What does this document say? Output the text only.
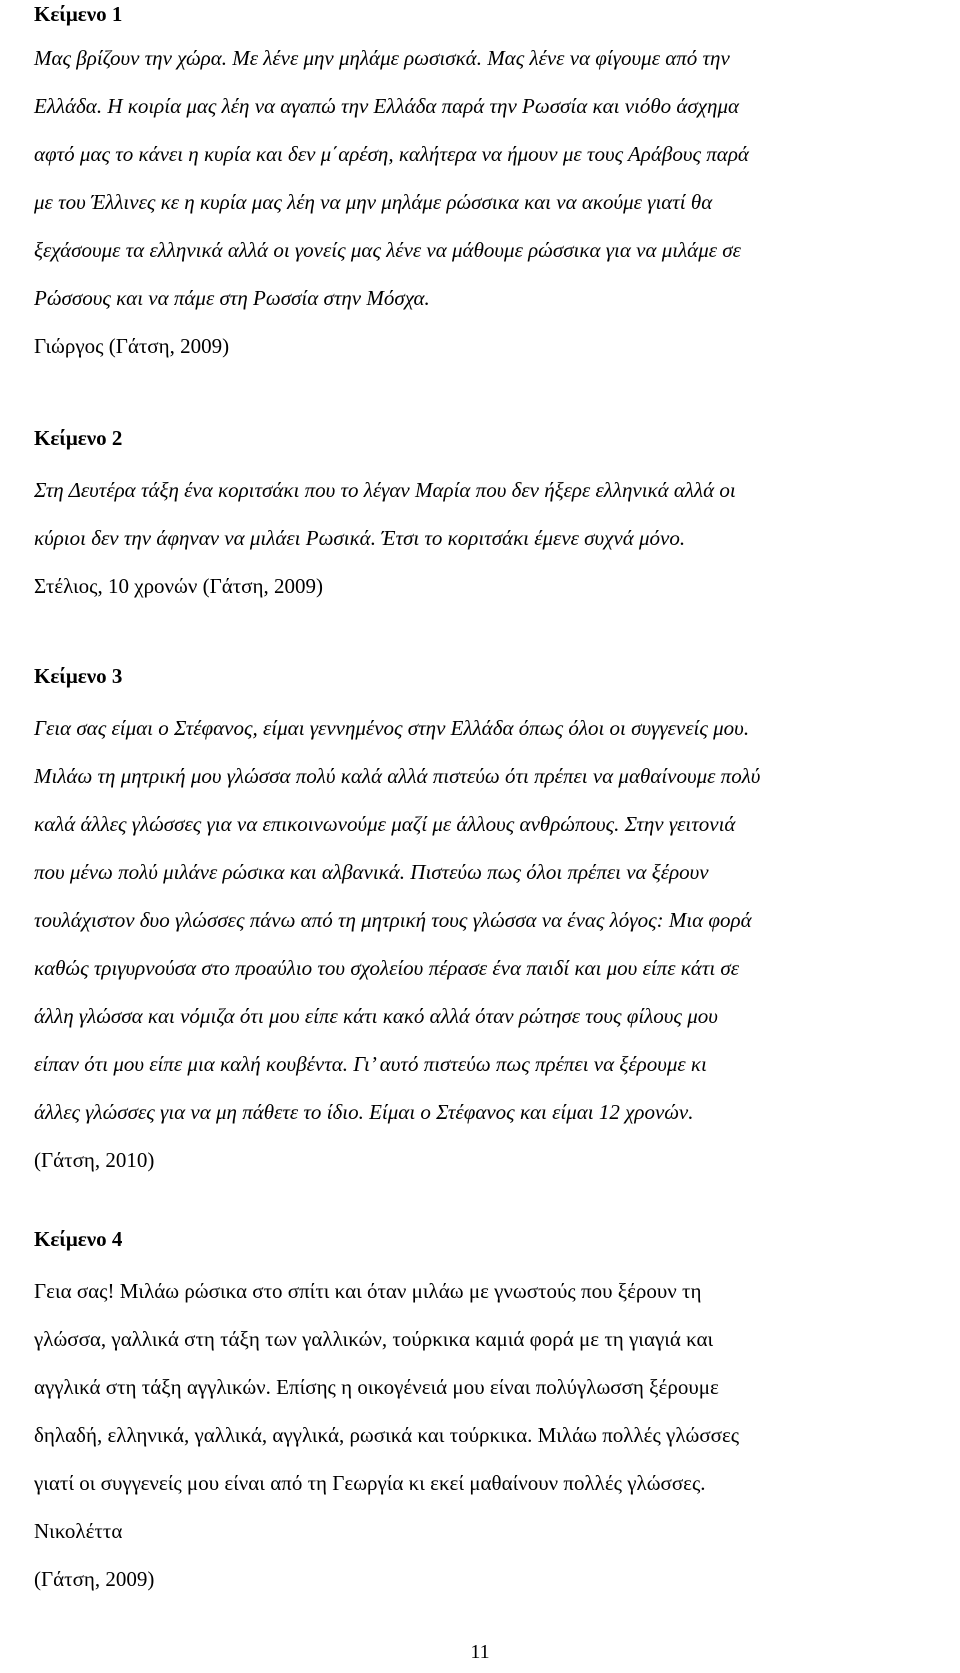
Κείμενο 1
Μας βρίζουν την χώρα. Με λένε μην μηλάμε ρωσισκά. Μας λένε να φίγουμε από την
Ελλάδα. Η κοιρία μας λέη να αγαπώ την Ελλάδα παρά την Ρωσσία και νιόθο άσχημα
αφτό μας το κάνει η κυρία και δεν μ΄αρέση, καλήτερα να ήμουν με τους Αράβους παρά
με του Έλλινες κε η κυρία μας λέη να μην μηλάμε ρώσσικα και να ακούμε γιατί θα
ξεχάσουμε τα ελληνικά αλλά οι γονείς μας λένε να μάθουμε ρώσσικα για να μιλάμε σε
Ρώσσους και να πάμε στη Ρωσσία στην Μόσχα.
Γιώργος (Γάτση, 2009)
Κείμενο 2
Στη Δευτέρα τάξη ένα κοριτσάκι που το λέγαν Μαρία που δεν ήξερε ελληνικά αλλά οι
κύριοι δεν την άφηναν να μιλάει Ρωσικά. Έτσι το κοριτσάκι έμενε συχνά μόνο.
Στέλιος, 10 χρονών (Γάτση, 2009)
Κείμενο 3
Γεια σας είμαι ο Στέφανος, είμαι γεννημένος στην Ελλάδα όπως όλοι οι συγγενείς μου.
Μιλάω τη μητρική μου γλώσσα πολύ καλά αλλά πιστεύω ότι πρέπει να μαθαίνουμε πολύ
καλά άλλες γλώσσες για να επικοινωνούμε μαζί με άλλους ανθρώπους. Στην γειτονιά
που μένω πολύ μιλάνε ρώσικα και αλβανικά. Πιστεύω πως όλοι πρέπει να ξέρουν
τουλάχιστον δυο γλώσσες πάνω από τη μητρική τους γλώσσα να ένας λόγος: Μια φορά
καθώς τριγυρνούσα στο προαύλιο του σχολείου πέρασε ένα παιδί και μου είπε κάτι σε
άλλη γλώσσα και νόμιζα ότι μου είπε κάτι κακό αλλά όταν ρώτησε τους φίλους μου
είπαν ότι μου είπε μια καλή κουβέντα. Γι’ αυτό πιστεύω πως πρέπει να ξέρουμε κι
άλλες γλώσσες για να μη πάθετε το ίδιο. Είμαι ο Στέφανος και είμαι 12 χρονών.
(Γάτση, 2010)
Κείμενο 4
Γεια σας! Μιλάω ρώσικα στο σπίτι και όταν μιλάω με γνωστούς που ξέρουν τη
γλώσσα, γαλλικά στη τάξη των γαλλικών, τούρκικα καμιά φορά με τη γιαγιά και
αγγλικά στη τάξη αγγλικών. Επίσης η οικογένειά μου είναι πολύγλωσση ξέρουμε
δηλαδή, ελληνικά, γαλλικά, αγγλικά, ρωσικά και τούρκικα. Μιλάω πολλές γλώσσες
γιατί οι συγγενείς μου είναι από τη Γεωργία κι εκεί μαθαίνουν πολλές γλώσσες.
Νικολέττα
(Γάτση, 2009)
11
